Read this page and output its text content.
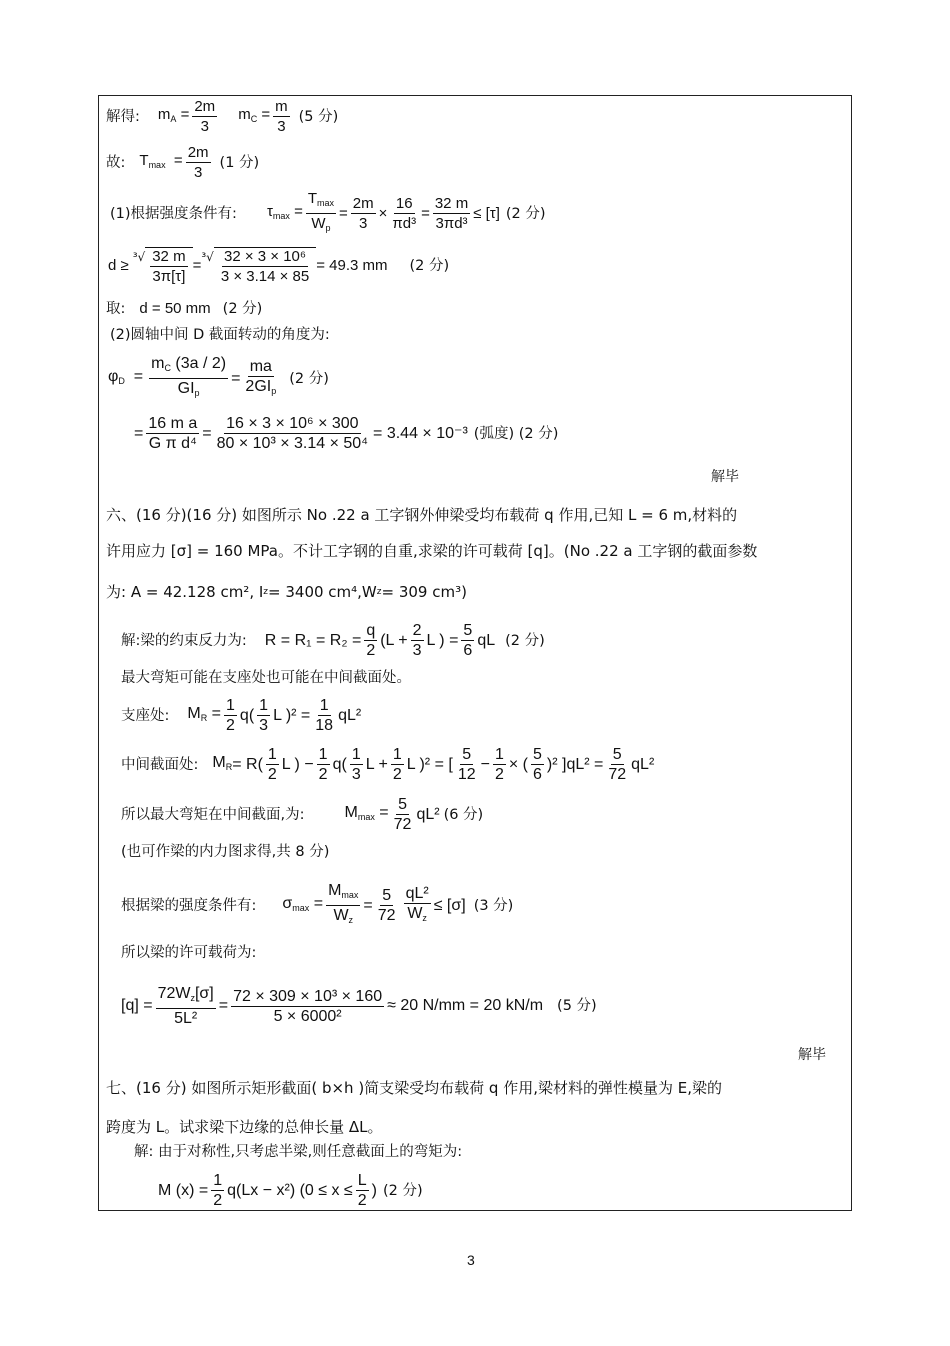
解得: $m_A = \frac{2m}{3} m_C = \frac{m}{3} (5$ 分)
故: $T_{max} = \frac{2m}{3} (1$ 分)
(1)根据强度条件有: $\tau_{max} = \frac{T_{max}}{W_p} = \frac{2m}{3} \times \frac{16}{\text{πd³}} = \frac{32 m}{\text{3πd³}} \le [\tau]$ (2 分)
$d \ge ^3√ \frac{32 m}{3\pi[\tau]} = ^3√ \frac{\text{32 × 3 × 10⁶}}{3 \times 3.14 \times 85} = 49.3$ mm (2 分)
取: d = 50 mm (2 分)
(2)圆轴中间 D 截面转动的角度为:
$\varphi_D = \frac{m_C (3a / 2)}{GI_p} = \frac{ma}{2GI_p} (2$ 分)
= $\frac{\text{16 m a}}{\text{G π d⁴}} = \frac{\text{16 × 3 × 10⁶ × 300}}{\text{80 × 10³ × 3.14 × 50⁴}} = 3.44 \times 10^{-3}$ (弧度) (2 分)
解毕
六、(16 分)(16 分) 如图所示 No .22 a 工字钢外伸梁受均布载荷 q 作用,已知 L = 6 m,材料的
许用应力 [σ] = 160 MPa。不计工字钢的自重,求梁的许可载荷 [q]。(No .22 a 工字钢的截面参数
为: A = 42.128 cm², I z = 3400 cm⁴,W z = 309 cm³)
解:梁的约束反力为: $R = R_1 = R_2 = \frac{q}{2} (L + \frac{2}{3}$ L ) = $\frac{5}{6}$ qL (2 分)
最大弯矩可能在支座处也可能在中间截面处。
支座处: $M_R = \frac{1}{2} q( \frac{1}{3}$ L )$^2 = \frac{1}{18} qL^2$
中间截面处: $M_R = R( \frac{1}{2}$ L ) − $\frac{1}{2} q( \frac{1}{3}$ $L + \frac{1}{2}$ L )² = [ $\frac{5}{12} - \frac{1}{2}$ × ( $\frac{5}{6} )^2$ ]$qL^2 = \frac{5}{72} qL^2$
所以最大弯矩在中间截面,为:	$M_{max} = \frac{5}{72} qL^2$ (6 分)
(也可作梁的内力图求得,共 8 分)
根据梁的强度条件有: $\sigma_{max} = \frac{M_{max}}{W_z} = \frac{5}{72} \frac{\text{qL²}}{W_z} \le [\sigma]$ (3 分)
所以梁的许可载荷为:
$[q] = \frac{72W_z[\sigma]}{\text{5L²}} = \frac{\text{72 × 309 × 10³ × 160}}{\text{5 × 6000²}} \approx 20$ N/mm = 20 kN/m (5 分)
解毕
七、(16 分) 如图所示矩形截面( b×h )简支梁受均布载荷 q 作用,梁材料的弹性模量为 E,梁的
跨度为 L。试求梁下边缘的总伸长量 ΔL。
解: 由于对称性,只考虑半梁,则任意截面上的弯矩为:
M $(x) = \frac{1}{2} q(Lx - x^2) (0 \le x \le \frac{L}{2}$ ) (2 分)
3
